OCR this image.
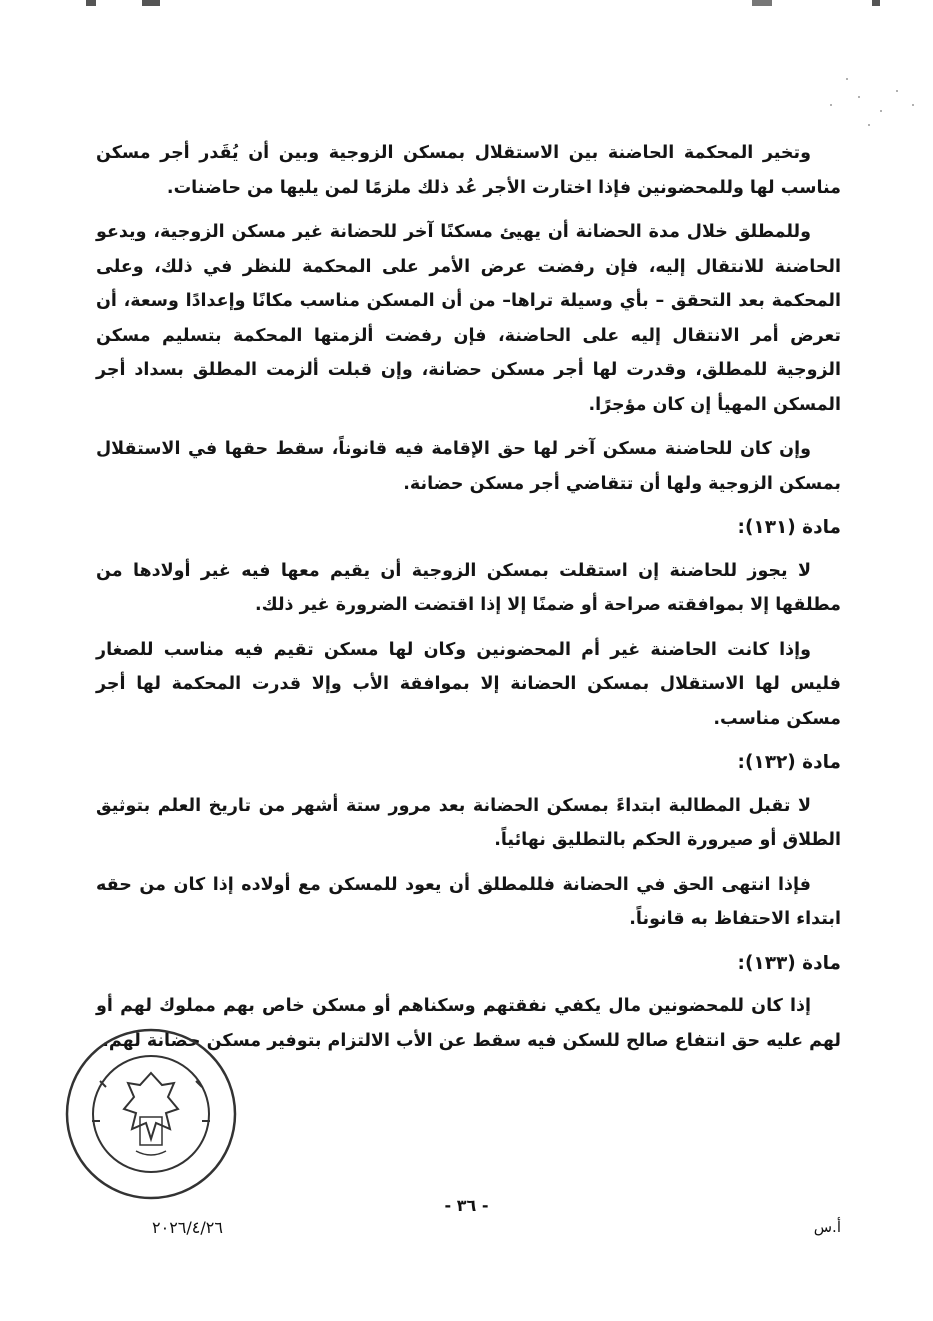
وتخير المحكمة الحاضنة بين الاستقلال بمسكن الزوجية وبين أن يُقَدر أجر مسكن مناسب لها وللمحضونين فإذا اختارت الأجر عُد ذلك ملزمًا لمن يليها من حاضنات.

وللمطلق خلال مدة الحضانة أن يهيئ مسكنًا آخر للحضانة غير مسكن الزوجية، ويدعو الحاضنة للانتقال إليه، فإن رفضت عرض الأمر على المحكمة للنظر في ذلك، وعلى المحكمة بعد التحقق – بأي وسيلة تراها– من أن المسكن مناسب مكانًا وإعدادًا وسعة، أن تعرض أمر الانتقال إليه على الحاضنة، فإن رفضت ألزمتها المحكمة بتسليم مسكن الزوجية للمطلق، وقدرت لها أجر مسكن حضانة، وإن قبلت ألزمت المطلق بسداد أجر المسكن المهيأ إن كان مؤجرًا.

وإن كان للحاضنة مسكن آخر لها حق الإقامة فيه قانوناً، سقط حقها في الاستقلال بمسكن الزوجية ولها أن تتقاضي أجر مسكن حضانة.

مادة (١٣١):

لا يجوز للحاضنة إن استقلت بمسكن الزوجية أن يقيم معها فيه غير أولادها من مطلقها إلا بموافقته صراحة أو ضمنًا إلا إذا اقتضت الضرورة غير ذلك.

وإذا كانت الحاضنة غير أم المحضونين وكان لها مسكن تقيم فيه مناسب للصغار فليس لها الاستقلال بمسكن الحضانة إلا بموافقة الأب وإلا قدرت المحكمة لها أجر مسكن مناسب.

مادة (١٣٢):

لا تقبل المطالبة ابتداءً بمسكن الحضانة بعد مرور ستة أشهر من تاريخ العلم بتوثيق الطلاق أو صيرورة الحكم بالتطليق نهائياً.

فإذا انتهى الحق في الحضانة فللمطلق أن يعود للمسكن مع أولاده إذا كان من حقه ابتداء الاحتفاظ به قانوناً.

مادة (١٣٣):

إذا كان للمحضونين مال يكفي نفقتهم وسكناهم أو مسكن خاص بهم مملوك لهم أو لهم عليه حق انتفاع صالح للسكن فيه سقط عن الأب الالتزام بتوفير مسكن حضانة لهم.

- ٣٦ -
أ.س
٢٠٢٦/٤/٢٦
